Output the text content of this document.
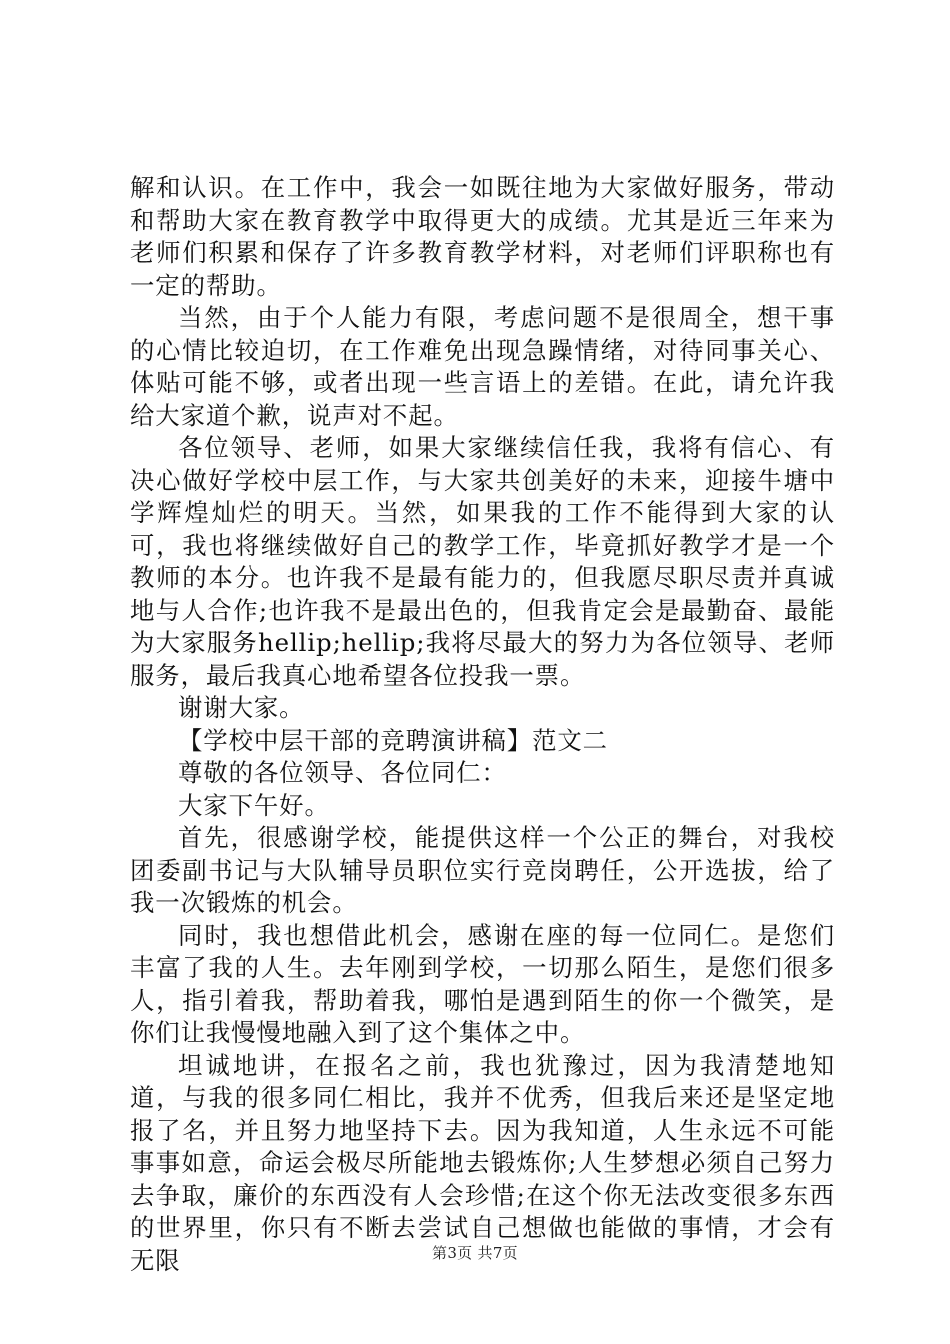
解和认识。在工作中，我会一如既往地为大家做好服务，带动和帮助大家在教育教学中取得更大的成绩。尤其是近三年来为老师们积累和保存了许多教育教学材料，对老师们评职称也有一定的帮助。

当然，由于个人能力有限，考虑问题不是很周全，想干事的心情比较迫切，在工作难免出现急躁情绪，对待同事关心、体贴可能不够，或者出现一些言语上的差错。在此，请允许我给大家道个歉，说声对不起。

各位领导、老师，如果大家继续信任我，我将有信心、有决心做好学校中层工作，与大家共创美好的未来，迎接牛塘中学辉煌灿烂的明天。当然，如果我的工作不能得到大家的认可，我也将继续做好自己的教学工作，毕竟抓好教学才是一个教师的本分。也许我不是最有能力的，但我愿尽职尽责并真诚地与人合作;也许我不是最出色的，但我肯定会是最勤奋、最能为大家服务hellip;hellip;我将尽最大的努力为各位领导、老师服务，最后我真心地希望各位投我一票。

谢谢大家。

【学校中层干部的竞聘演讲稿】范文二

尊敬的各位领导、各位同仁：

大家下午好。

首先，很感谢学校，能提供这样一个公正的舞台，对我校团委副书记与大队辅导员职位实行竞岗聘任，公开选拔，给了我一次锻炼的机会。

同时，我也想借此机会，感谢在座的每一位同仁。是您们丰富了我的人生。去年刚到学校，一切那么陌生，是您们很多人，指引着我，帮助着我，哪怕是遇到陌生的你一个微笑，是你们让我慢慢地融入到了这个集体之中。

坦诚地讲，在报名之前，我也犹豫过，因为我清楚地知道，与我的很多同仁相比，我并不优秀，但我后来还是坚定地报了名，并且努力地坚持下去。因为我知道，人生永远不可能事事如意，命运会极尽所能地去锻炼你;人生梦想必须自己努力去争取，廉价的东西没有人会珍惜;在这个你无法改变很多东西的世界里，你只有不断去尝试自己想做也能做的事情，才会有无限	第3页 共7页
